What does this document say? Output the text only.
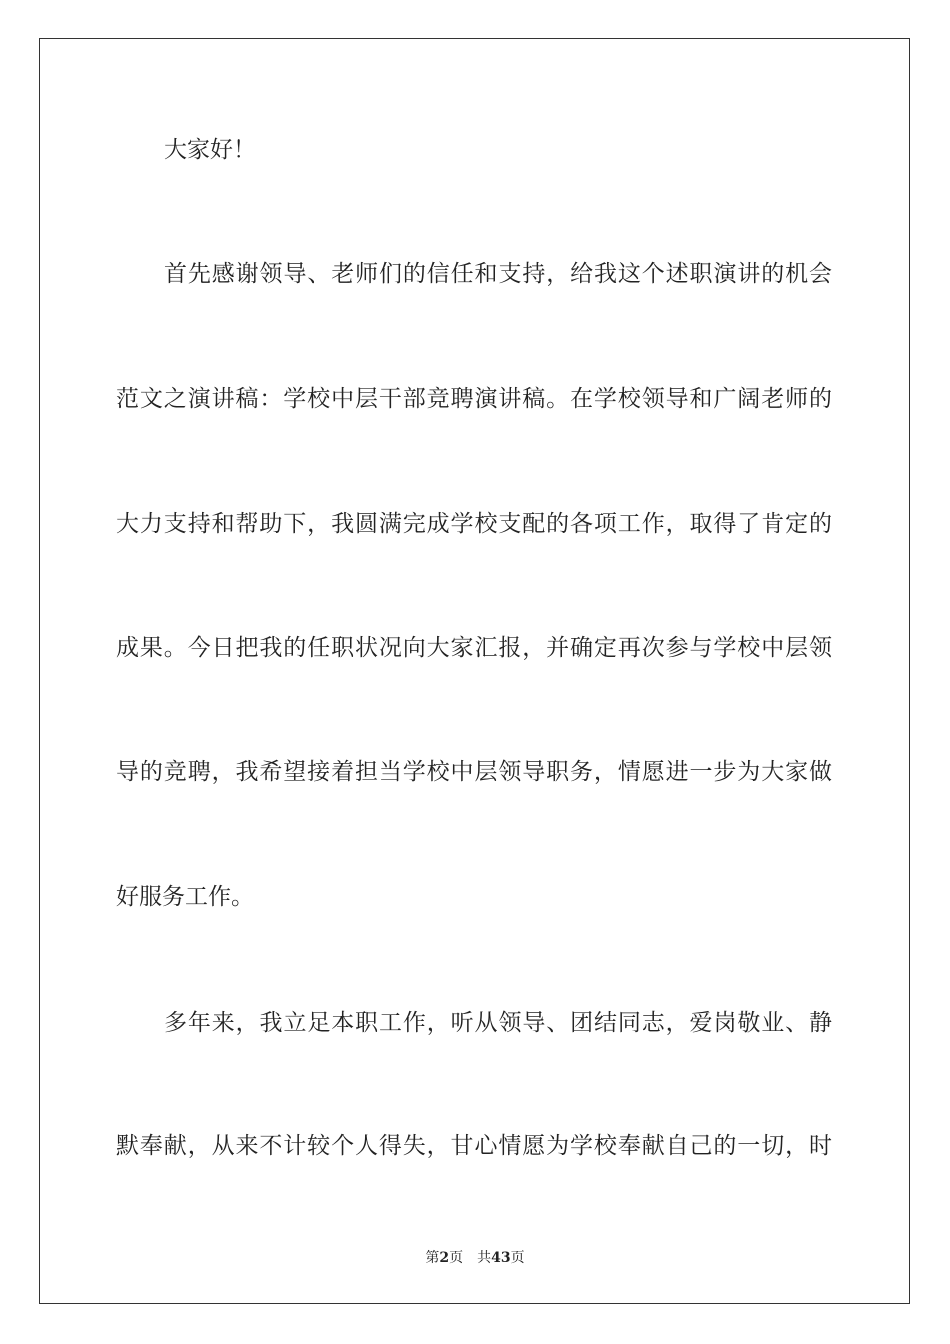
大家好！
首先感谢领导、老师们的信任和支持，给我这个述职演讲的机会
范文之演讲稿：学校中层干部竞聘演讲稿。在学校领导和广阔老师的
大力支持和帮助下，我圆满完成学校支配的各项工作，取得了肯定的
成果。今日把我的任职状况向大家汇报，并确定再次参与学校中层领
导的竞聘，我希望接着担当学校中层领导职务，情愿进一步为大家做
好服务工作。
多年来，我立足本职工作，听从领导、团结同志，爱岗敬业、静
默奉献，从来不计较个人得失，甘心情愿为学校奉献自己的一切，时
第2页 共43页
